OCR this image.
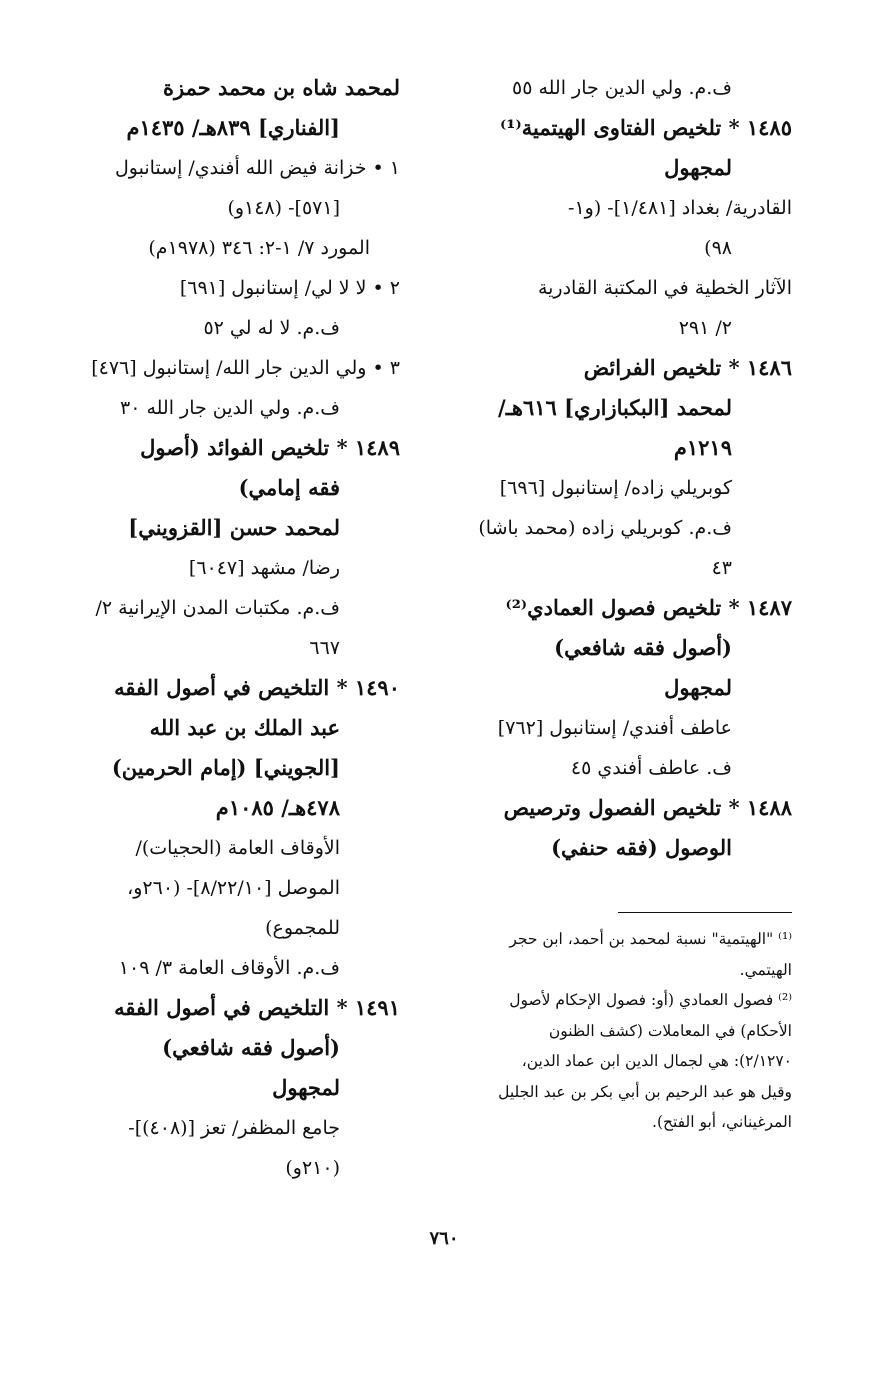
ف.م. ولي الدين جار الله ٥٥
١٤٨٥ * تلخيص الفتاوى الهيتمية⁽¹⁾
لمجهول
القادرية/ بغداد [١/٤٨١]- (و١-
٩٨)
الآثار الخطية في المكتبة القادرية
٢/ ٢٩١
١٤٨٦ * تلخيص الفرائض
لمحمد [البكبازاري] ٦١٦هـ/
١٢١٩م
كوبريلي زاده/ إستانبول [٦٩٦]
ف.م. كوبريلي زاده (محمد باشا)
٤٣
١٤٨٧ * تلخيص فصول العمادي⁽²⁾
(أصول فقه شافعي)
لمجهول
عاطف أفندي/ إستانبول [٧٦٢]
ف. عاطف أفندي ٤٥
١٤٨٨ * تلخيص الفصول وترصيص
الوصول (فقه حنفي)
لمحمد شاه بن محمد حمزة
[الفناري] ٨٣٩هـ/ ١٤٣٥م
١ • خزانة فيض الله أفندي/ إستانبول
[٥٧١]- (١٤٨و)
المورد ٧/ ١-٢: ٣٤٦ (١٩٧٨م)
٢ • لا لا لي/ إستانبول [٦٩١]
ف.م. لا له لي ٥٢
٣ • ولي الدين جار الله/ إستانبول [٤٧٦]
ف.م. ولي الدين جار الله ٣٠
١٤٨٩ * تلخيص الفوائد (أصول
فقه إمامي)
لمحمد حسن [القزويني]
رضا/ مشهد [٦٠٤٧]
ف.م. مكتبات المدن الإيرانية ٢/
٦٦٧
١٤٩٠ * التلخيص في أصول الفقه
عبد الملك بن عبد الله
[الجويني] (إمام الحرمين)
٤٧٨هـ/ ١٠٨٥م
الأوقاف العامة (الحجيات)/
الموصل [٨/٢٢/١٠]- (٢٦٠و،
للمجموع)
ف.م. الأوقاف العامة ٣/ ١٠٩
١٤٩١ * التلخيص في أصول الفقه
(أصول فقه شافعي)
لمجهول
جامع المظفر/ تعز [(٤٠٨)]-
(٢١٠و)
⁽¹⁾ "الهيتمية" نسبة لمحمد بن أحمد، ابن حجر
الهيتمي.
⁽²⁾ فصول العمادي (أو: فصول الإحكام لأصول
الأحكام) في المعاملات (كشف الظنون
٢/١٢٧٠): هي لجمال الدين ابن عماد الدين،
وقيل هو عبد الرحيم بن أبي بكر بن عبد الجليل
المرغيناني، أبو الفتح).
٧٦٠
